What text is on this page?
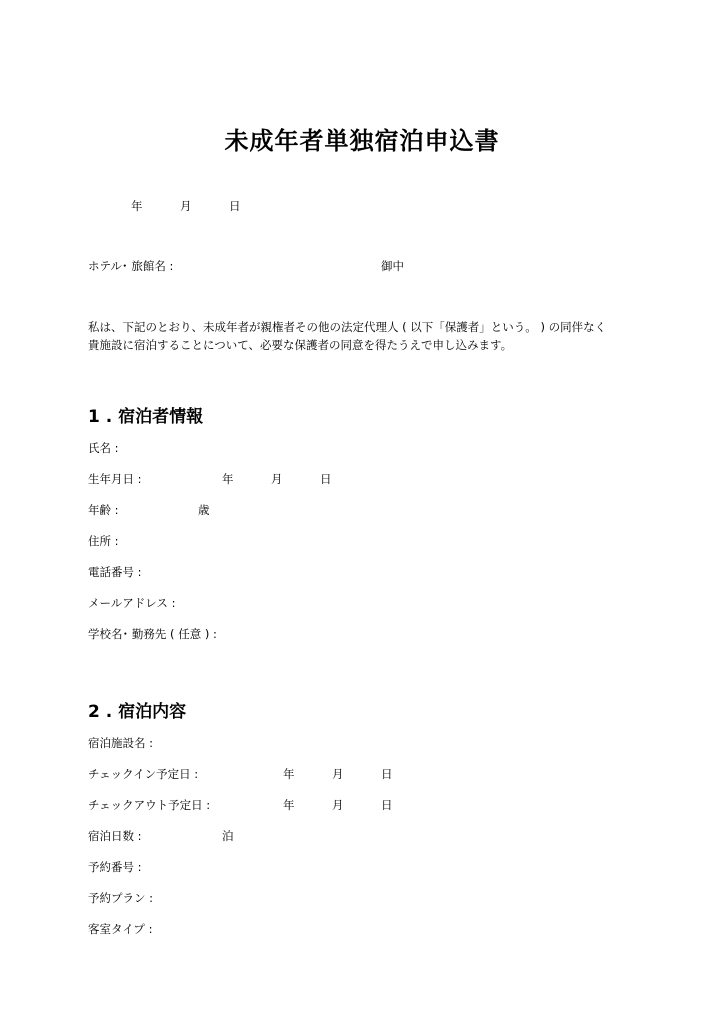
未成年者単独宿泊申込書
年	月	日
ホテル･ 旅館名 :	御中
私は、下記のとおり、未成年者が親権者その他の法定代理人 ( 以下「保護者」という。 ) の同伴なく
貴施設に宿泊することについて、必要な保護者の同意を得たうえで申し込みます。
1 . 宿泊者情報
氏名 :
生年月日 :	年	月	日
年齢 :	歳
住所 :
電話番号 :
メールアドレス :
学校名･ 勤務先 ( 任意 ) :
2 . 宿泊内容
宿泊施設名 :
チェックイン予定日 :	年	月	日
チェックアウト予定日 :	年	月	日
宿泊日数 :	泊
予約番号 :
予約プラン :
客室タイプ :
